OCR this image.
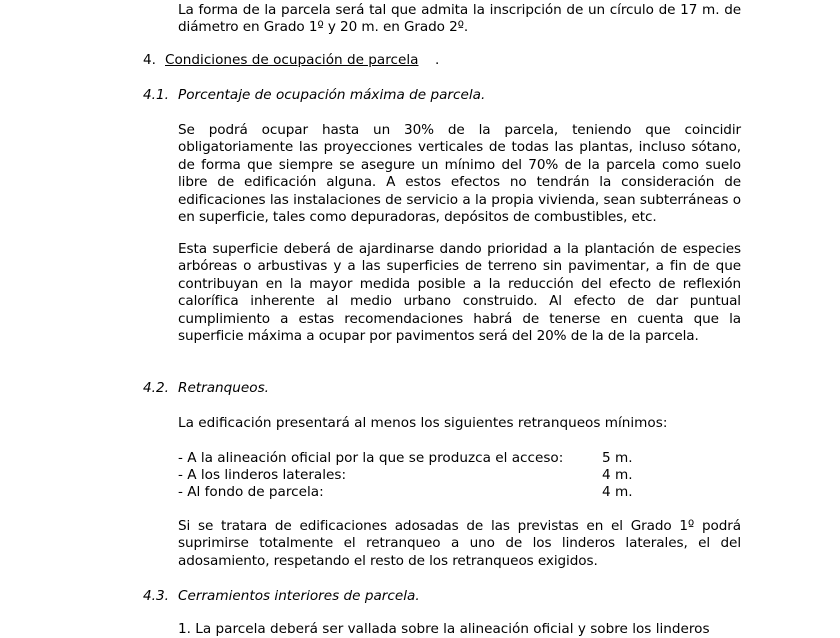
La forma de la parcela será tal que admita la inscripción de un círculo de 17 m. de diámetro en Grado 1º y 20 m. en Grado 2º.

4. Condiciones de ocupación de parcela .
4.1. Porcentaje de ocupación máxima de parcela.

Se podrá ocupar hasta un 30% de la parcela, teniendo que coincidir obligatoriamente las proyecciones verticales de todas las plantas, incluso sótano, de forma que siempre se asegure un mínimo del 70% de la parcela como suelo libre de edificación alguna. A estos efectos no tendrán la consideración de edificaciones las instalaciones de servicio a la propia vivienda, sean subterráneas o en superficie, tales como depuradoras, depósitos de combustibles, etc.

Esta superficie deberá de ajardinarse dando prioridad a la plantación de especies arbóreas o arbustivas y a las superficies de terreno sin pavimentar, a fin de que contribuyan en la mayor medida posible a la reducción del efecto de reflexión calorífica inherente al medio urbano construido. Al efecto de dar puntual cumplimiento a estas recomendaciones habrá de tenerse en cuenta que la superficie máxima a ocupar por pavimentos será del 20% de la de la parcela.

4.2. Retranqueos.
La edificación presentará al menos los siguientes retranqueos mínimos:
- A la alineación oficial por la que se produzca el acceso:	5 m.
- A los linderos laterales:	4 m.
- Al fondo de parcela:	4 m.

Si se tratara de edificaciones adosadas de las previstas en el Grado 1º podrá suprimirse totalmente el retranqueo a uno de los linderos laterales, el del adosamiento, respetando el resto de los retranqueos exigidos.

4.3. Cerramientos interiores de parcela.
1. La parcela deberá ser vallada sobre la alineación oficial y sobre los linderos
